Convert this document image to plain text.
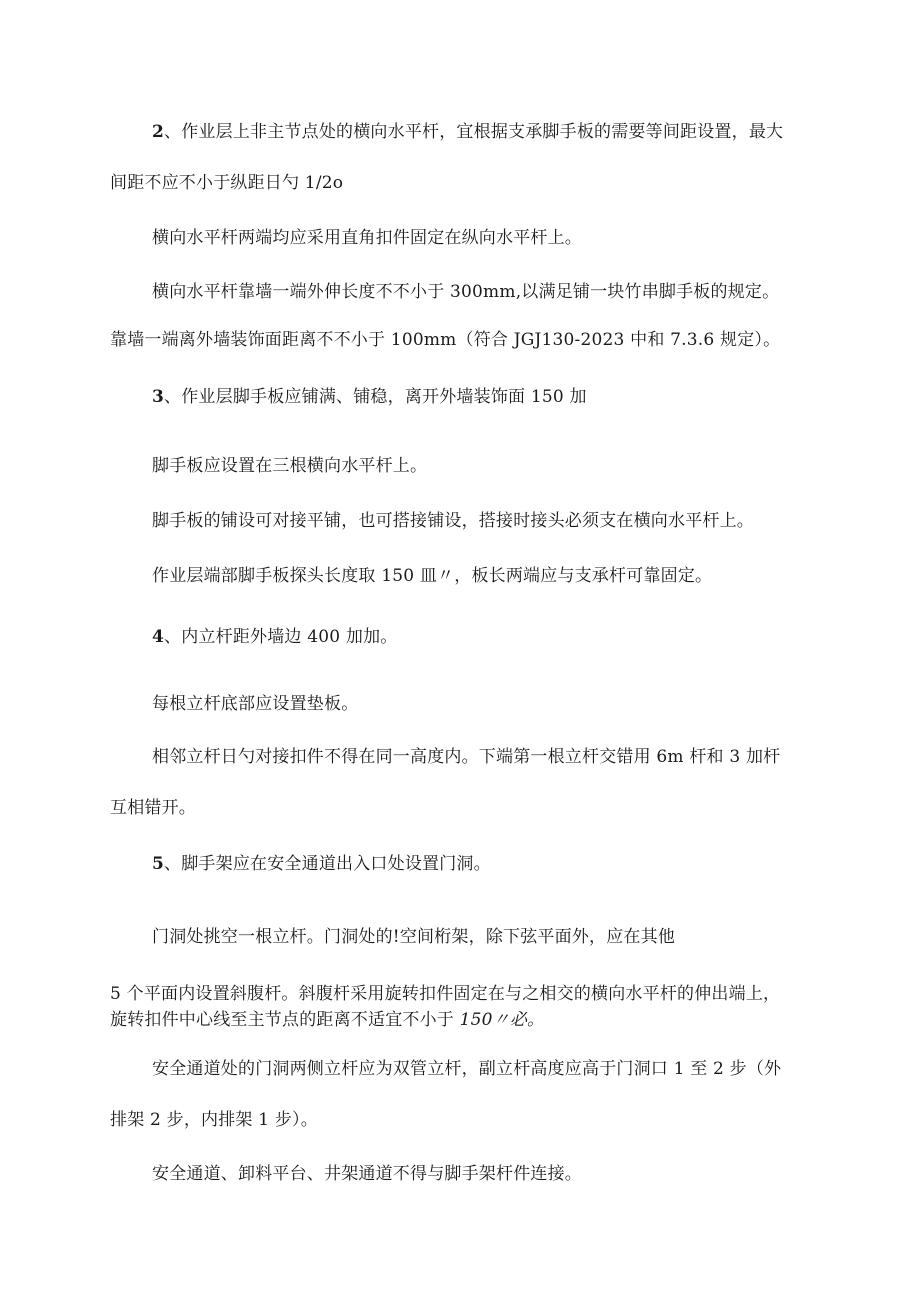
2、作业层上非主节点处的横向水平杆，宜根据支承脚手板的需要等间距设置，最大
间距不应不小于纵距日勺 1/2o
横向水平杆两端均应采用直角扣件固定在纵向水平杆上。
横向水平杆靠墙一端外伸长度不不小于 300mm,以满足铺一块竹串脚手板的规定。
靠墙一端离外墙装饰面距离不不小于 100mm（符合 JGJ130-2023 中和 7.3.6 规定）。
3、作业层脚手板应铺满、铺稳，离开外墙装饰面 150 加
脚手板应设置在三根横向水平杆上。
脚手板的铺设可对接平铺，也可搭接铺设，搭接时接头必须支在横向水平杆上。
作业层端部脚手板探头长度取 150 皿〃，板长两端应与支承杆可靠固定。
4、内立杆距外墙边 400 加加。
每根立杆底部应设置垫板。
相邻立杆日勺对接扣件不得在同一高度内。下端第一根立杆交错用 6m 杆和 3 加杆
互相错开。
5、脚手架应在安全通道出入口处设置门洞。
门洞处挑空一根立杆。门洞处的!空间桁架，除下弦平面外，应在其他
5 个平面内设置斜腹杆。斜腹杆采用旋转扣件固定在与之相交的横向水平杆的伸出端上，
旋转扣件中心线至主节点的距离不适宜不小于 150〃必。
安全通道处的门洞两侧立杆应为双管立杆，副立杆高度应高于门洞口 1 至 2 步（外
排架 2 步，内排架 1 步）。
安全通道、卸料平台、井架通道不得与脚手架杆件连接。
